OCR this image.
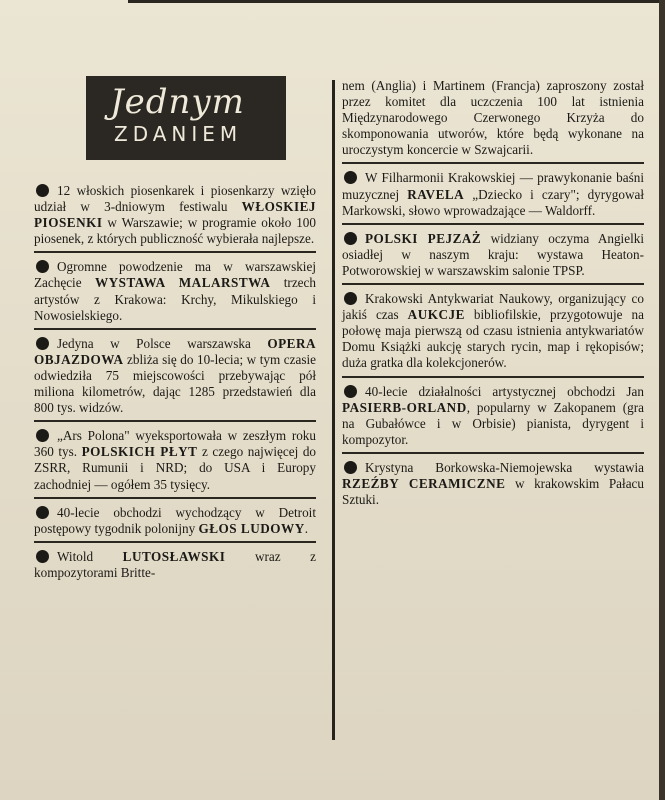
Jednym
ZDANIEM
12 włoskich piosenkarek i piosenkarzy wzięło udział w 3-dniowym festiwalu WŁOSKIEJ PIOSENKI w Warszawie; w programie około 100 piosenek, z których publiczność wybierała najlepsze.
Ogromne powodzenie ma w warszawskiej Zachęcie WYSTAWA MALARSTWA trzech artystów z Krakowa: Krchy, Mikulskiego i Nowosielskiego.
Jedyna w Polsce warszawska OPERA OBJAZDOWA zbliża się do 10-lecia; w tym czasie odwiedziła 75 miejscowości przebywając pół miliona kilometrów, dając 1285 przedstawień dla 800 tys. widzów.
„Ars Polona" wyeksportowała w zeszłym roku 360 tys. POLSKICH PŁYT z czego najwięcej do ZSRR, Rumunii i NRD; do USA i Europy zachodniej — ogółem 35 tysięcy.
40-lecie obchodzi wychodzący w Detroit postępowy tygodnik polonijny GŁOS LUDOWY.
Witold LUTOSŁAWSKI wraz z kompozytorami Britte-
nem (Anglia) i Martinem (Francja) zaproszony został przez komitet dla uczczenia 100 lat istnienia Międzynarodowego Czerwonego Krzyża do skomponowania utworów, które będą wykonane na uroczystym koncercie w Szwajcarii.
W Filharmonii Krakowskiej — prawykonanie baśni muzycznej RAVELA „Dziecko i czary"; dyrygował Markowski, słowo wprowadzające — Waldorff.
POLSKI PEJZAŻ widziany oczyma Angielki osiadłej w naszym kraju: wystawa Heaton-Potworowskiej w warszawskim salonie TPSP.
Krakowski Antykwariat Naukowy, organizujący co jakiś czas AUKCJE bibliofilskie, przygotowuje na połowę maja pierwszą od czasu istnienia antykwariatów Domu Książki aukcję starych rycin, map i rękopisów; duża gratka dla kolekcjonerów.
40-lecie działalności artystycznej obchodzi Jan PASIERB-ORLAND, popularny w Zakopanem (gra na Gubałówce i w Orbisie) pianista, dyrygent i kompozytor.
Krystyna Borkowska-Niemojewska wystawia RZEŹBY CERAMICZNE w krakowskim Pałacu Sztuki.
